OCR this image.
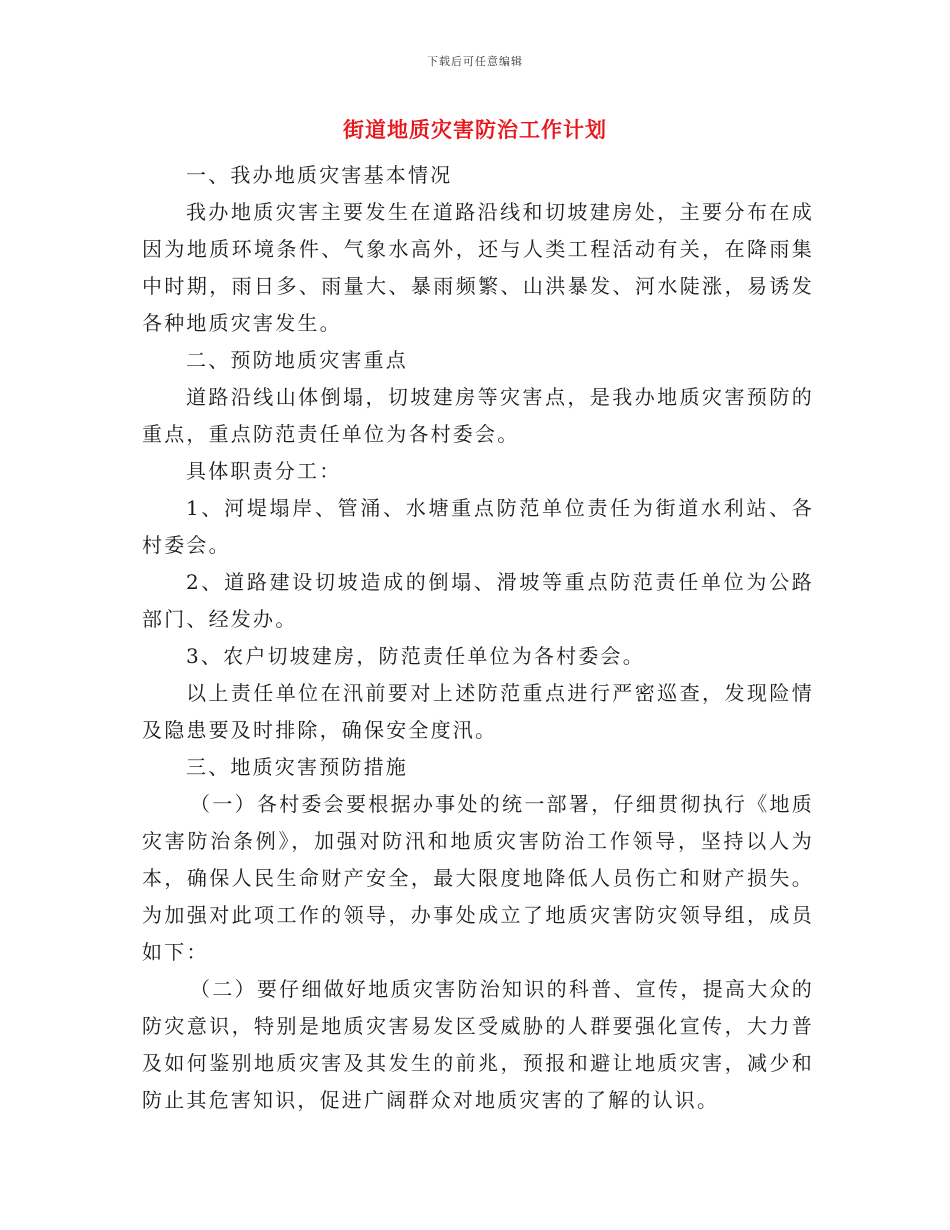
下载后可任意编辑
街道地质灾害防治工作计划

一、我办地质灾害基本情况

我办地质灾害主要发生在道路沿线和切坡建房处，主要分布在成因为地质环境条件、气象水高外，还与人类工程活动有关，在降雨集中时期，雨日多、雨量大、暴雨频繁、山洪暴发、河水陡涨，易诱发各种地质灾害发生。

二、预防地质灾害重点

道路沿线山体倒塌，切坡建房等灾害点，是我办地质灾害预防的重点，重点防范责任单位为各村委会。

具体职责分工：

1、河堤塌岸、管涌、水塘重点防范单位责任为街道水利站、各村委会。

2、道路建设切坡造成的倒塌、滑坡等重点防范责任单位为公路部门、经发办。

3、农户切坡建房，防范责任单位为各村委会。

以上责任单位在汛前要对上述防范重点进行严密巡查，发现险情及隐患要及时排除，确保安全度汛。

三、地质灾害预防措施

（一）各村委会要根据办事处的统一部署，仔细贯彻执行《地质灾害防治条例》，加强对防汛和地质灾害防治工作领导，坚持以人为本，确保人民生命财产安全，最大限度地降低人员伤亡和财产损失。为加强对此项工作的领导，办事处成立了地质灾害防灾领导组，成员如下：

（二）要仔细做好地质灾害防治知识的科普、宣传，提高大众的防灾意识，特别是地质灾害易发区受威胁的人群要强化宣传，大力普及如何鉴别地质灾害及其发生的前兆，预报和避让地质灾害，减少和防止其危害知识，促进广阔群众对地质灾害的了解的认识。
